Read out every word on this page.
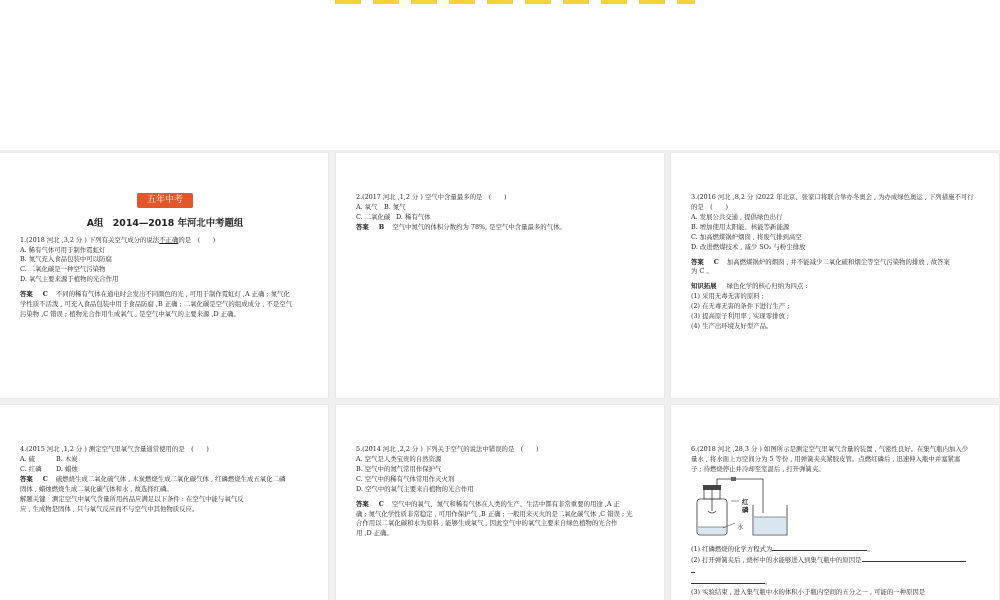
五年中考
A组　2014—2018 年河北中考题组
1.(2018 河北 ,3,2 分 ) 下列有关空气成分的说法不正确的是　(　　)
A. 稀有气体可用于制作霓虹灯
B. 氮气充入食品包装中可以防腐
C. 二氧化碳是一种空气污染物
D. 氧气主要来源于植物的光合作用
答案 C 不同的稀有气体在通电时会发出不同颜色的光 , 可用于制作霓虹灯 ,A 正确 ; 氮气化
学性质不活泼 , 可充入食品包装中用于食品防腐 ,B 正确 ; 二氧化碳是空气的组成成分 , 不是空气
污染物 ,C 错误 ; 植物光合作用生成氧气 , 是空气中氧气的主要来源 ,D 正确。
2.(2017 河北 ,1,2 分 ) 空气中含量最多的是　(　　)
A. 氧气 B. 氮气
C. 二氧化碳 D. 稀有气体
答案 B 空气中氮气的体积分数约为 78%, 是空气中含量最多的气体。
3.(2016 河北 ,8,2 分 )2022 年北京、张家口将联合举办冬奥会 , 为办成绿色奥运 , 下列措施不可行
的是　(　　)
A. 发展公共交通 , 提倡绿色出行
B. 增加使用太阳能、核能等新能源
C. 加高燃煤锅炉烟囱 , 将废气排到高空
D. 改进燃煤技术 , 减少 SO₂ 与粉尘排放
答案 C 加高燃煤锅炉的烟囱 , 并不能减少二氧化硫和烟尘等空气污染物的排放 , 故答案
为 C 。
知识拓展 绿色化学的核心归纳为四点 :
(1) 采用无毒无害的原料 ;
(2) 在无毒无害的条件下进行生产 ;
(3) 提高原子利用率 , 实现零排放 ;
(4) 生产出环境友好型产品。
4.(2015 河北 ,1,2 分 ) 测定空气里氧气含量通常使用的是　(　　)
A. 硫	B. 木炭
C. 红磷 D. 蜡烛
答案 C 硫燃烧生成二氧化硫气体 , 木炭燃烧生成二氧化碳气体 , 红磷燃烧生成五氧化二磷
固体 , 蜡烛燃烧生成二氧化碳气体和水 , 故选择红磷。
解题关键　测定空气中氧气含量所用药品应满足以下条件 : 在空气中能与氧气反
应 , 生成物是固体 , 只与氧气反应而不与空气中其他物质反应。
5.(2014 河北 ,2,2 分 ) 下列关于空气的说法中错误的是　(　　)
A. 空气是人类宝贵的自然资源
B. 空气中的氮气常用作保护气
C. 空气中的稀有气体常用作灭火剂
D. 空气中的氧气主要来自植物的光合作用
答案 C 空气中的氧气、氮气和稀有气体在人类的生产、生活中都有非常重要的用途 ,A 正
确 ; 氮气化学性质非常稳定 , 可用作保护气 ,B 正确 ; 一般用来灭火的是二氧化碳气体 ,C 错误 ; 光
合作用以二氧化碳和水为原料 , 能够生成氧气 , 因此空气中的氧气主要来自绿色植物的光合作
用 ,D 正确。
6.(2018 河北 ,28,3 分 ) 如图所示是测定空气里氧气含量的装置 , 气密性良好。在集气瓶内加入少
量水 , 将水面上方空间分为 5 等份 , 用弹簧夹夹紧胶皮管。点燃红磷后 , 迅速伸入瓶中并塞紧塞
子 ; 待燃烧停止并冷却至室温后 , 打开弹簧夹。
红磷
水
(1) 红磷燃烧的化学方程式为	。
(2) 打开弹簧夹后 , 烧杯中的水能够进入到集气瓶中的原因是
。
(3) 实验结束 , 进入集气瓶中水的体积小于瓶内空间的五分之一 , 可能的一种原因是
